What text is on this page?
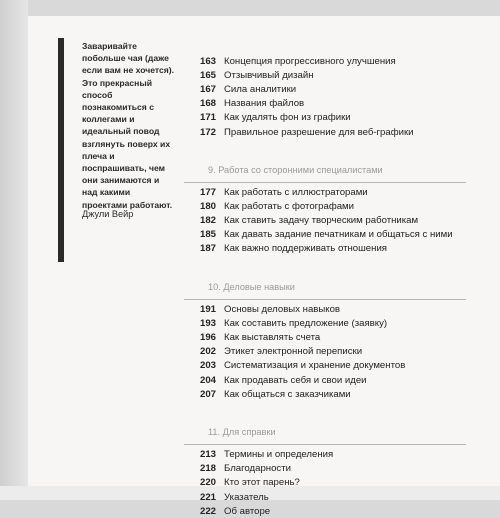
Заваривайте побольше чая (даже если вам не хочется). Это прекрасный способ познакомиться с коллегами и идеальный повод взглянуть поверх их плеча и поспрашивать, чем они занимаются и над какими проектами работают.
Джули Вейр
163 Концепция прогрессивного улучшения
165 Отзывчивый дизайн
167 Сила аналитики
168 Названия файлов
171 Как удалять фон из графики
172 Правильное разрешение для веб-графики
9. Работа со сторонними специалистами
177 Как работать с иллюстраторами
180 Как работать с фотографами
182 Как ставить задачу творческим работникам
185 Как давать задание печатникам и общаться с ними
187 Как важно поддерживать отношения
10. Деловые навыки
191 Основы деловых навыков
193 Как составить предложение (заявку)
196 Как выставлять счета
202 Этикет электронной переписки
203 Систематизация и хранение документов
204 Как продавать себя и свои идеи
207 Как общаться с заказчиками
11. Для справки
213 Термины и определения
218 Благодарности
220 Кто этот парень?
221 Указатель
222 Об авторе
